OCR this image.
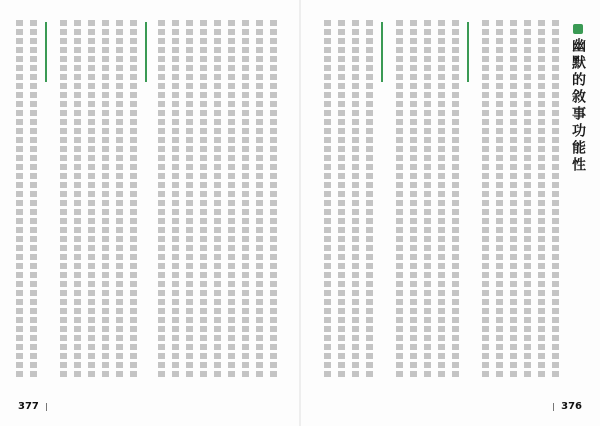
377
幽默的敘事功能性
376
